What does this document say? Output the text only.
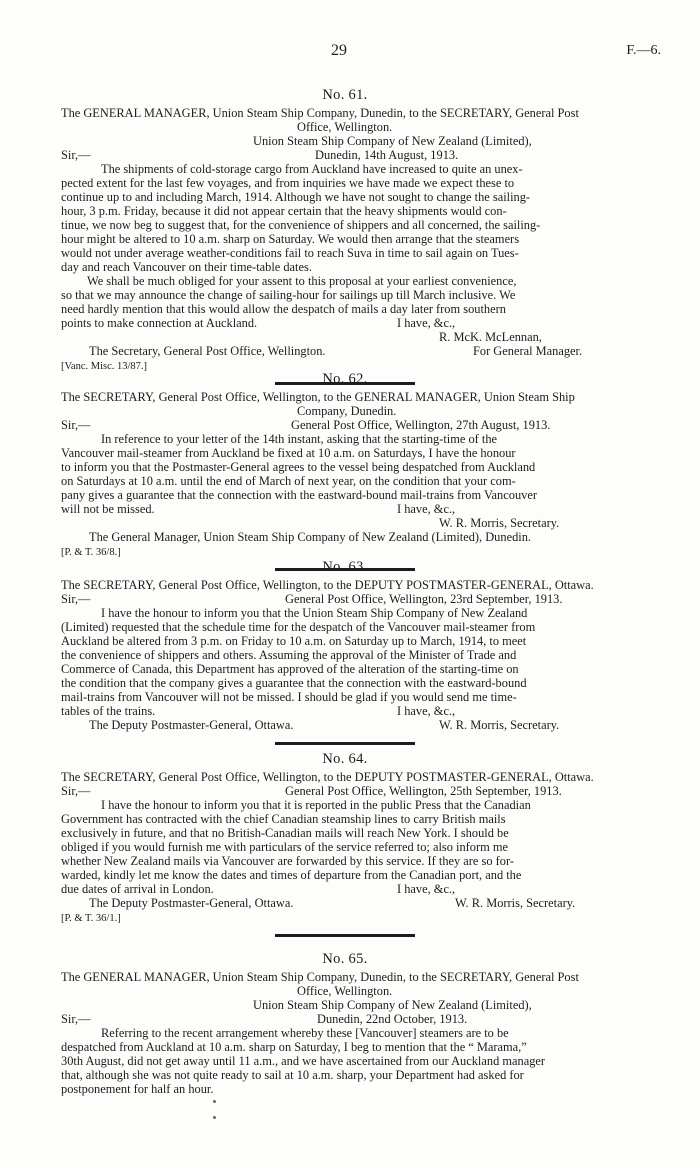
29	F.—6.
No. 61.
The GENERAL MANAGER, Union Steam Ship Company, Dunedin, to the SECRETARY, General Post
Office, Wellington.
Union Steam Ship Company of New Zealand (Limited),
Sir,—	Dunedin, 14th August, 1913.
The shipments of cold-storage cargo from Auckland have increased to quite an unex-
pected extent for the last few voyages, and from inquiries we have made we expect these to
continue up to and including March, 1914. Although we have not sought to change the sailing-
hour, 3 p.m. Friday, because it did not appear certain that the heavy shipments would con-
tinue, we now beg to suggest that, for the convenience of shippers and all concerned, the sailing-
hour might be altered to 10 a.m. sharp on Saturday. We would then arrange that the steamers
would not under average weather-conditions fail to reach Suva in time to sail again on Tues-
day and reach Vancouver on their time-table dates.
We shall be much obliged for your assent to this proposal at your earliest convenience,
so that we may announce the change of sailing-hour for sailings up till March inclusive. We
need hardly mention that this would allow the despatch of mails a day later from southern
points to make connection at Auckland.	I have, &c.,
R. McK. McLennan,
The Secretary, General Post Office, Wellington.	For General Manager.
[Vanc. Misc. 13/87.]
No. 62.
The SECRETARY, General Post Office, Wellington, to the GENERAL MANAGER, Union Steam Ship
Company, Dunedin.
Sir,—	General Post Office, Wellington, 27th August, 1913.
In reference to your letter of the 14th instant, asking that the starting-time of the
Vancouver mail-steamer from Auckland be fixed at 10 a.m. on Saturdays, I have the honour
to inform you that the Postmaster-General agrees to the vessel being despatched from Auckland
on Saturdays at 10 a.m. until the end of March of next year, on the condition that your com-
pany gives a guarantee that the connection with the eastward-bound mail-trains from Vancouver
will not be missed.	I have, &c.,
W. R. Morris, Secretary.
The General Manager, Union Steam Ship Company of New Zealand (Limited), Dunedin.
[P. & T. 36/8.]
No. 63.
The SECRETARY, General Post Office, Wellington, to the DEPUTY POSTMASTER-GENERAL, Ottawa.
Sir,—	General Post Office, Wellington, 23rd September, 1913.
I have the honour to inform you that the Union Steam Ship Company of New Zealand
(Limited) requested that the schedule time for the despatch of the Vancouver mail-steamer from
Auckland be altered from 3 p.m. on Friday to 10 a.m. on Saturday up to March, 1914, to meet
the convenience of shippers and others. Assuming the approval of the Minister of Trade and
Commerce of Canada, this Department has approved of the alteration of the starting-time on
the condition that the company gives a guarantee that the connection with the eastward-bound
mail-trains from Vancouver will not be missed. I should be glad if you would send me time-
tables of the trains.	I have, &c.,
The Deputy Postmaster-General, Ottawa.	W. R. Morris, Secretary.
No. 64.
The SECRETARY, General Post Office, Wellington, to the DEPUTY POSTMASTER-GENERAL, Ottawa.
Sir,—	General Post Office, Wellington, 25th September, 1913.
I have the honour to inform you that it is reported in the public Press that the Canadian
Government has contracted with the chief Canadian steamship lines to carry British mails
exclusively in future, and that no British-Canadian mails will reach New York. I should be
obliged if you would furnish me with particulars of the service referred to; also inform me
whether New Zealand mails via Vancouver are forwarded by this service. If they are so for-
warded, kindly let me know the dates and times of departure from the Canadian port, and the
due dates of arrival in London.	I have, &c.,
The Deputy Postmaster-General, Ottawa.	W. R. Morris, Secretary.
[P. & T. 36/1.]
No. 65.
The GENERAL MANAGER, Union Steam Ship Company, Dunedin, to the SECRETARY, General Post
Office, Wellington.
Union Steam Ship Company of New Zealand (Limited),
Sir,—	Dunedin, 22nd October, 1913.
Referring to the recent arrangement whereby these [Vancouver] steamers are to be
despatched from Auckland at 10 a.m. sharp on Saturday, I beg to mention that the “ Marama,”
30th August, did not get away until 11 a.m., and we have ascertained from our Auckland manager
that, although she was not quite ready to sail at 10 a.m. sharp, your Department had asked for
postponement for half an hour.
